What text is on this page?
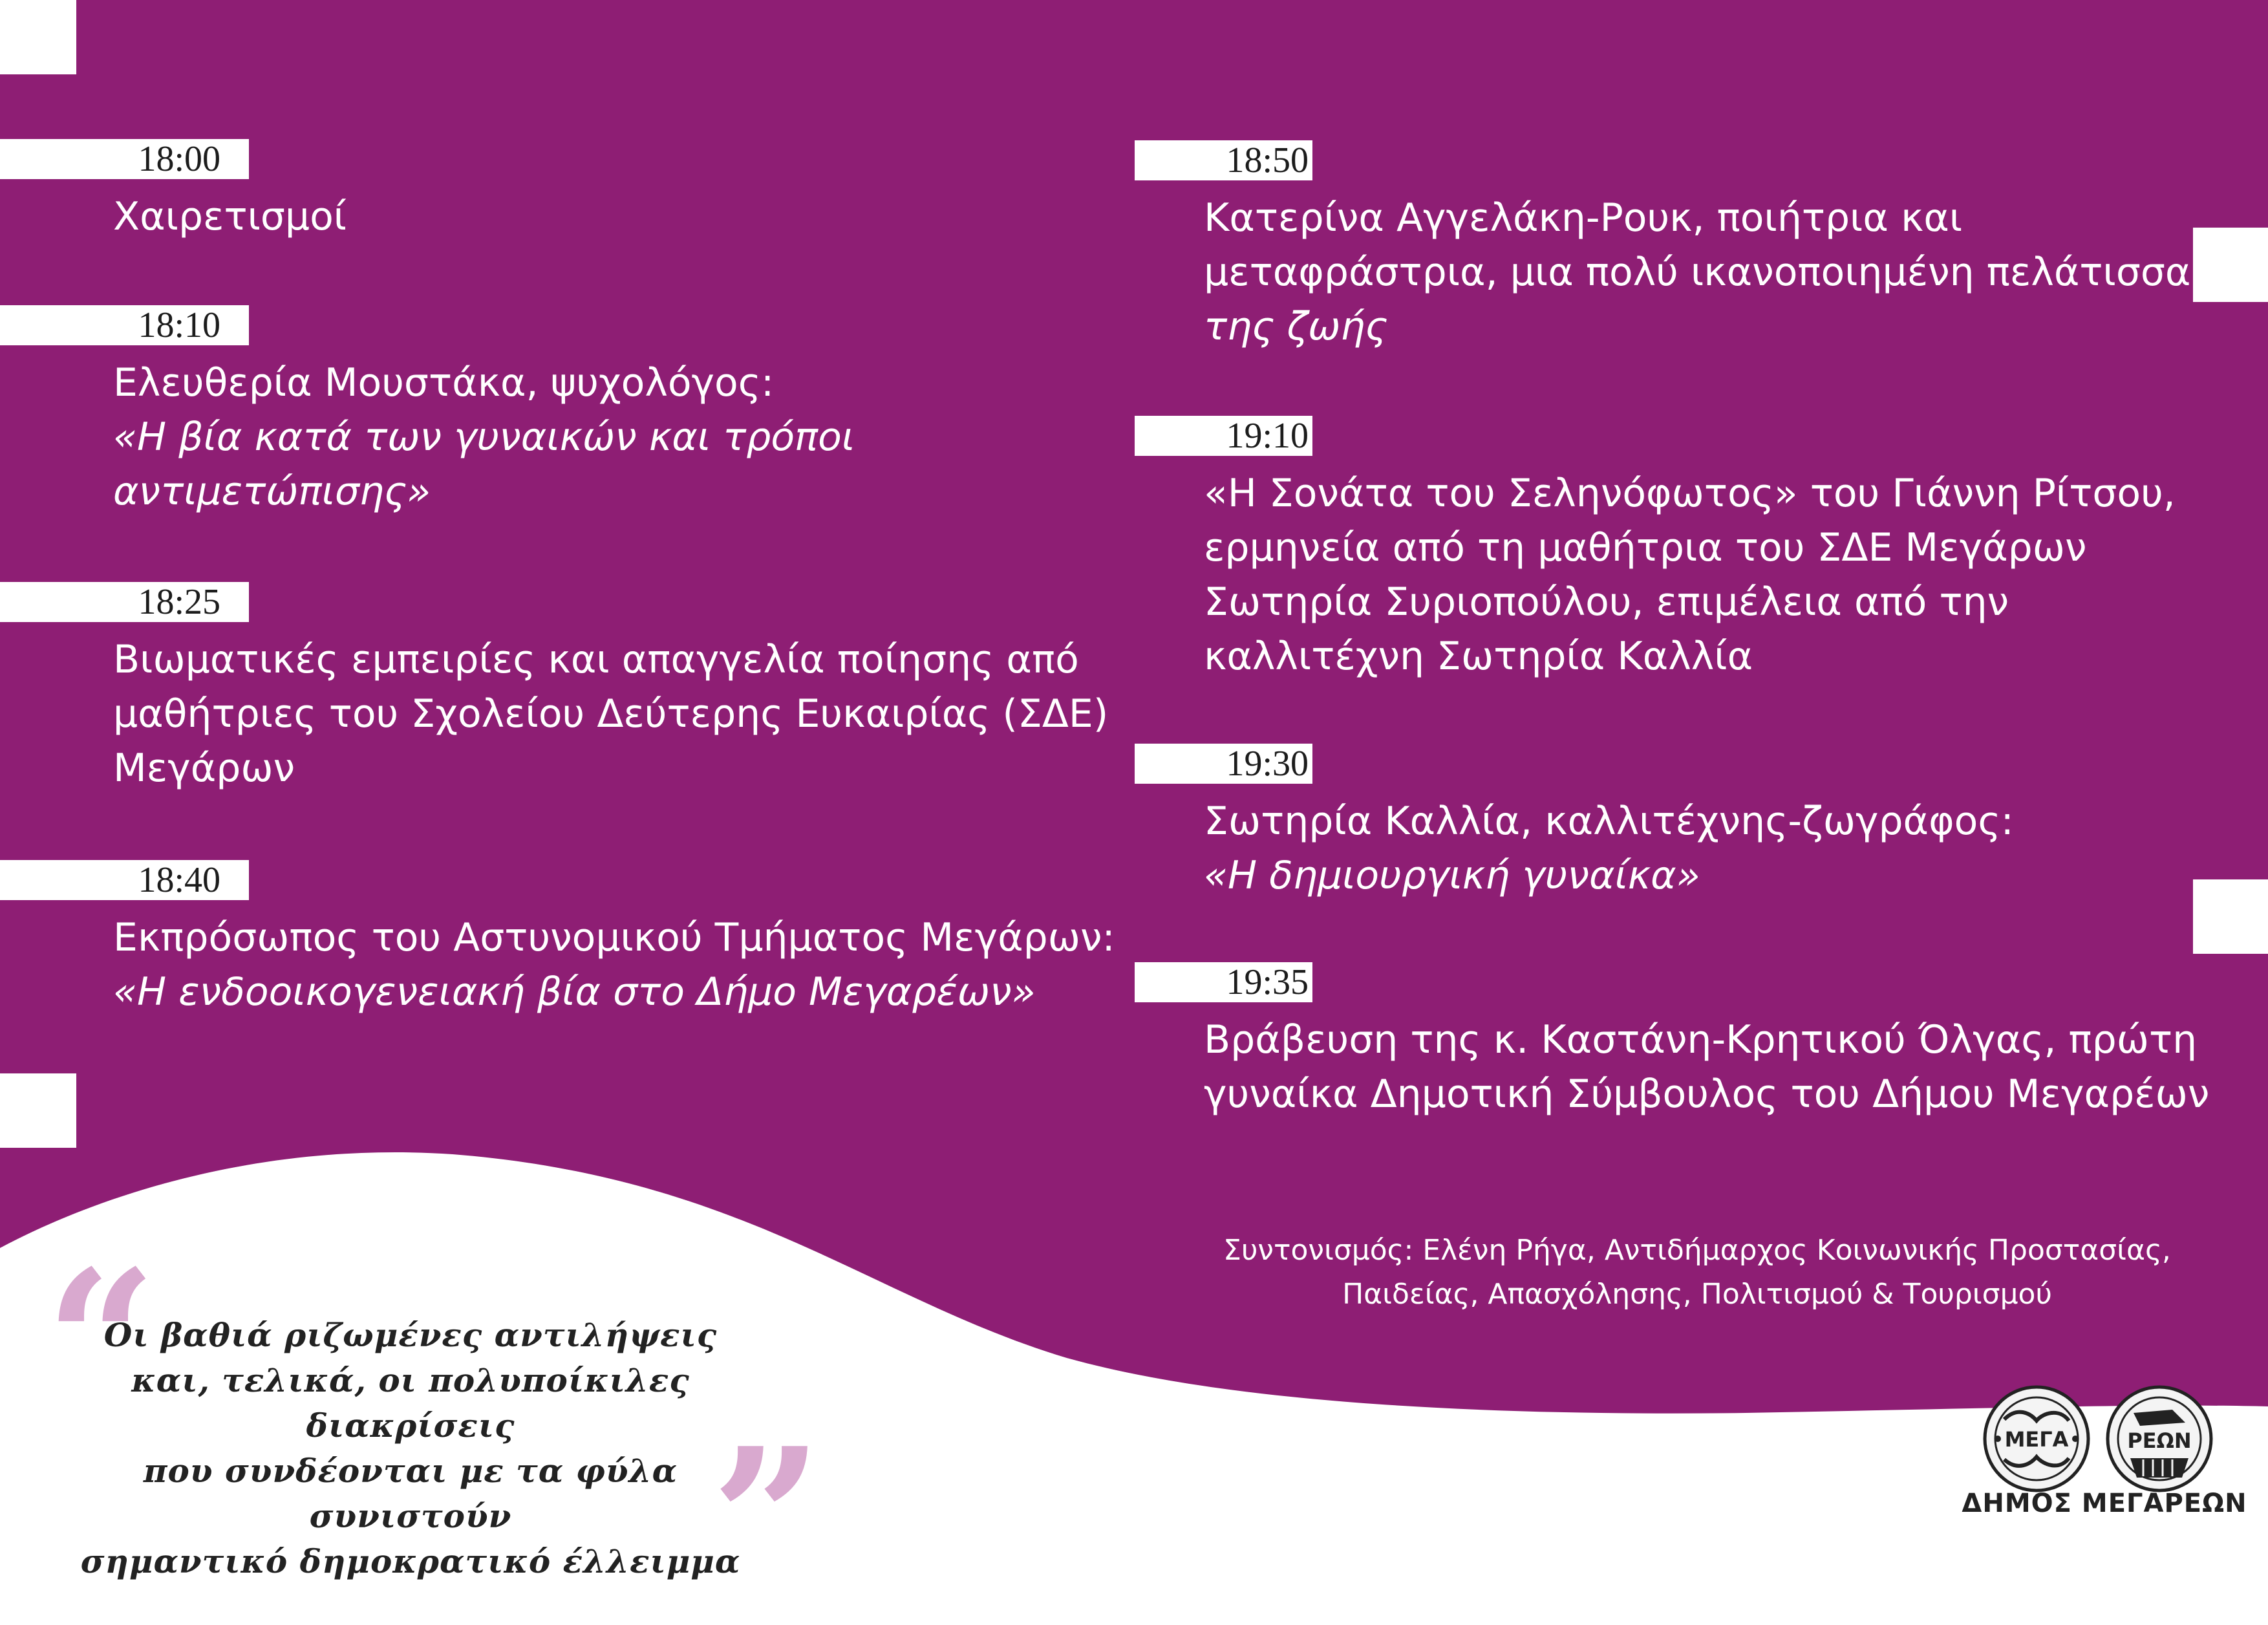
18:00
Χαιρετισμοί
18:10
Ελευθερία Μουστάκα, ψυχολόγος:
«Η βία κατά των γυναικών και τρόποι
αντιμετώπισης»
18:25
Βιωματικές εμπειρίες και απαγγελία ποίησης από
μαθήτριες του Σχολείου Δεύτερης Ευκαιρίας (ΣΔΕ)
Μεγάρων
18:40
Εκπρόσωπος του Αστυνομικού Τμήματος Μεγάρων:
«Η ενδοοικογενειακή βία στο Δήμο Μεγαρέων»
18:50
Κατερίνα Αγγελάκη-Ρουκ, ποιήτρια και
μεταφράστρια, μια πολύ ικανοποιημένη πελάτισσα
της ζωής
19:10
«Η Σονάτα του Σεληνόφωτος» του Γιάννη Ρίτσου,
ερμηνεία από τη μαθήτρια του ΣΔΕ Μεγάρων
Σωτηρία Συριοπούλου, επιμέλεια από την
καλλιτέχνη Σωτηρία Καλλία
19:30
Σωτηρία Καλλία, καλλιτέχνης-ζωγράφος:
«Η δημιουργική γυναίκα»
19:35
Βράβευση της κ. Καστάνη-Κρητικού Όλγας, πρώτη
γυναίκα Δημοτική Σύμβουλος του Δήμου Μεγαρέων
Συντονισμός: Ελένη Ρήγα, Αντιδήμαρχος Κοινωνικής Προστασίας,
Παιδείας, Απασχόλησης, Πολιτισμού & Τουρισμού
“
Οι βαθιά ριζωμένες αντιλήψεις
και, τελικά, οι πολυποίκιλες διακρίσεις
που συνδέονται με τα φύλα συνιστούν
σημαντικό δημοκρατικό έλλειμμα
”	ΜΕΓΑ	ΡΕΩΝ
ΔΗΜΟΣ ΜΕΓΑΡΕΩΝ
